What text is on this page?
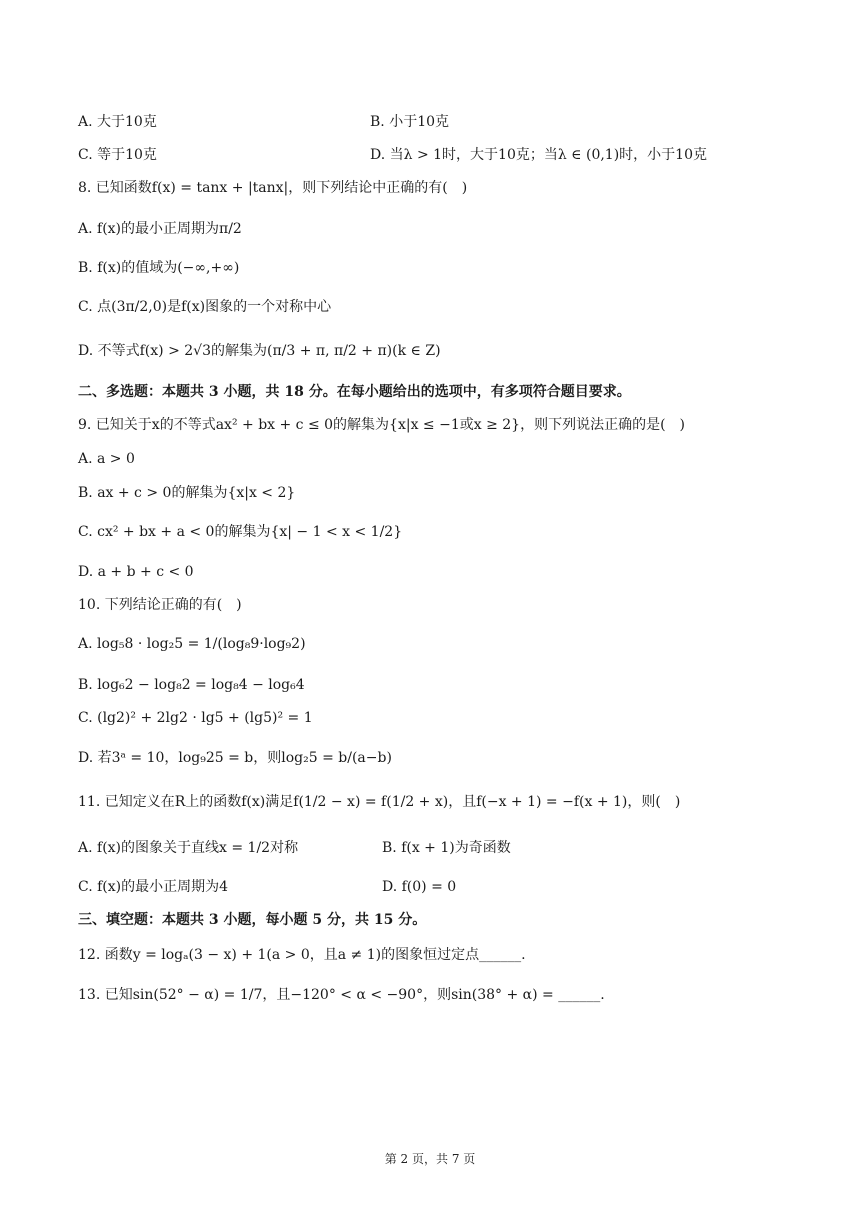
A. 大于10克	B. 小于10克
C. 等于10克	D. 当λ > 1时，大于10克；当λ ∈ (0,1)时，小于10克
8. 已知函数f(x) = tanx + |tanx|，则下列结论中正确的有(　)
A. f(x)的最小正周期为π/2
B. f(x)的值域为(−∞,+∞)
C. 点(3π/2,0)是f(x)图象的一个对称中心
D. 不等式f(x) > 2√3的解集为(π/3 + π, π/2 + π)(k ∈ Z)
二、多选题：本题共 3 小题，共 18 分。在每小题给出的选项中，有多项符合题目要求。
9. 已知关于x的不等式ax² + bx + c ≤ 0的解集为{x|x ≤ −1或x ≥ 2}，则下列说法正确的是(　)
A. a > 0
B. ax + c > 0的解集为{x|x < 2}
C. cx² + bx + a < 0的解集为{x| − 1 < x < 1/2}
D. a + b + c < 0
10. 下列结论正确的有(　)
A. log₅8 · log₂5 = 1/(log₈9·log₉2)
B. log₆2 − log₈2 = log₈4 − log₆4
C. (lg2)² + 2lg2 · lg5 + (lg5)² = 1
D. 若3ᵃ = 10，log₉25 = b，则log₂5 = b/(a−b)
11. 已知定义在R上的函数f(x)满足f(1/2 − x) = f(1/2 + x)，且f(−x + 1) = −f(x + 1)，则(　)
A. f(x)的图象关于直线x = 1/2对称	B. f(x + 1)为奇函数
C. f(x)的最小正周期为4	D. f(0) = 0
三、填空题：本题共 3 小题，每小题 5 分，共 15 分。
12. 函数y = logₐ(3 − x) + 1(a > 0，且a ≠ 1)的图象恒过定点______.
13. 已知sin(52° − α) = 1/7，且−120° < α < −90°，则sin(38° + α) = ______.
第 2 页，共 7 页
